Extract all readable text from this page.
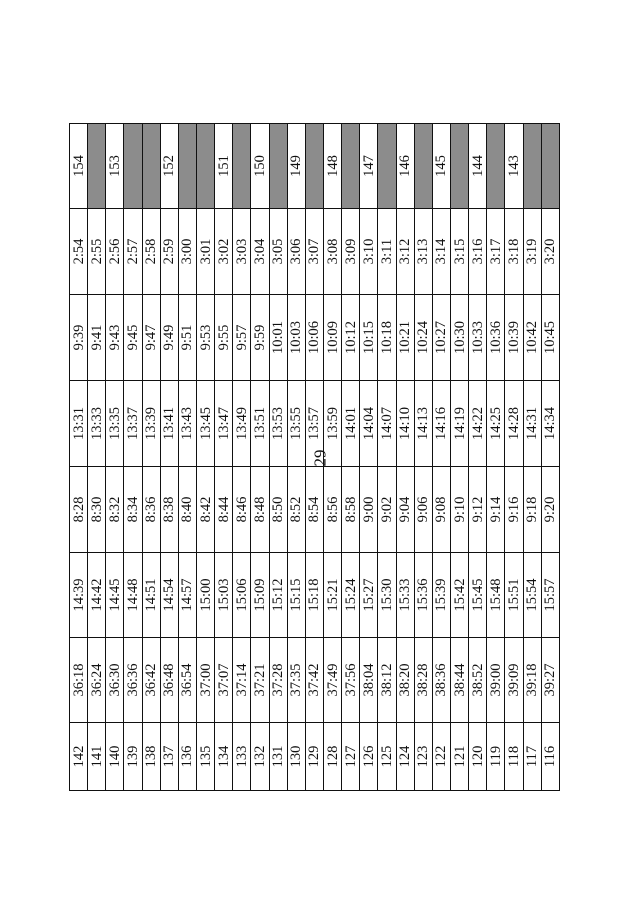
29
142	36:18	14:39	8:28	13:31	9:39	2:54	154
141	36:24	14:42	8:30	13:33	9:41	2:55	
140	36:30	14:45	8:32	13:35	9:43	2:56	153
139	36:36	14:48	8:34	13:37	9:45	2:57	
138	36:42	14:51	8:36	13:39	9:47	2:58	
137	36:48	14:54	8:38	13:41	9:49	2:59	152
136	36:54	14:57	8:40	13:43	9:51	3:00	
135	37:00	15:00	8:42	13:45	9:53	3:01	
134	37:07	15:03	8:44	13:47	9:55	3:02	151
133	37:14	15:06	8:46	13:49	9:57	3:03	
132	37:21	15:09	8:48	13:51	9:59	3:04	150
131	37:28	15:12	8:50	13:53	10:01	3:05	
130	37:35	15:15	8:52	13:55	10:03	3:06	149
129	37:42	15:18	8:54	13:57	10:06	3:07	
128	37:49	15:21	8:56	13:59	10:09	3:08	148
127	37:56	15:24	8:58	14:01	10:12	3:09	
126	38:04	15:27	9:00	14:04	10:15	3:10	147
125	38:12	15:30	9:02	14:07	10:18	3:11	
124	38:20	15:33	9:04	14:10	10:21	3:12	146
123	38:28	15:36	9:06	14:13	10:24	3:13	
122	38:36	15:39	9:08	14:16	10:27	3:14	145
121	38:44	15:42	9:10	14:19	10:30	3:15	
120	38:52	15:45	9:12	14:22	10:33	3:16	144
119	39:00	15:48	9:14	14:25	10:36	3:17	
118	39:09	15:51	9:16	14:28	10:39	3:18	143
117	39:18	15:54	9:18	14:31	10:42	3:19	
116	39:27	15:57	9:20	14:34	10:45	3:20	
